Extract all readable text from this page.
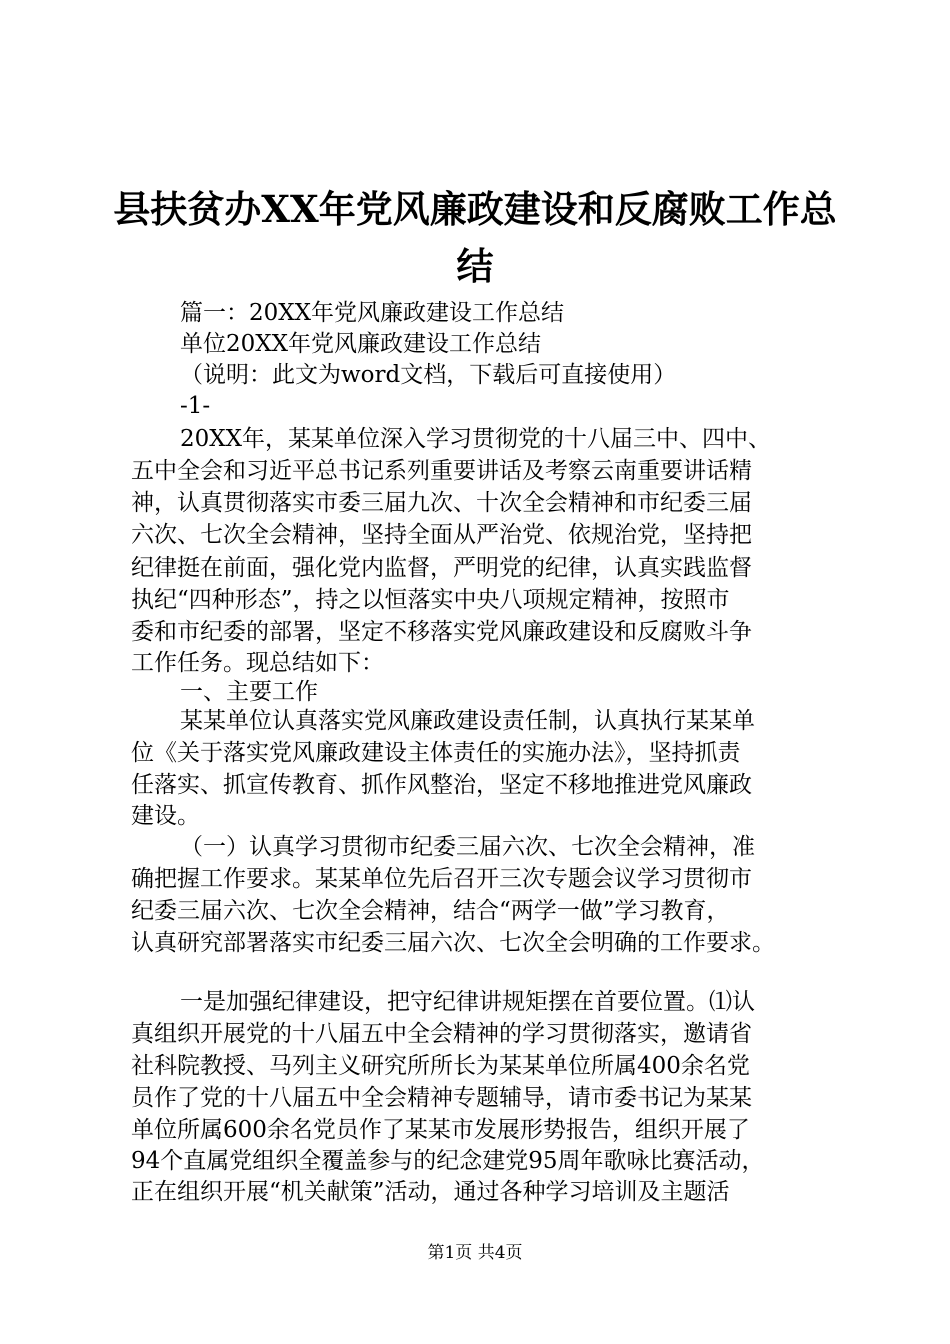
县扶贫办XX年党风廉政建设和反腐败工作总
结

篇一：20XX年党风廉政建设工作总结

单位20XX年党风廉政建设工作总结

（说明：此文为word文档，下载后可直接使用）

-1-

20XX年，某某单位深入学习贯彻党的十八届三中、四中、

五中全会和习近平总书记系列重要讲话及考察云南重要讲话精

神，认真贯彻落实市委三届九次、十次全会精神和市纪委三届

六次、七次全会精神，坚持全面从严治党、依规治党，坚持把

纪律挺在前面，强化党内监督，严明党的纪律，认真实践监督

执纪“四种形态”，持之以恒落实中央八项规定精神，按照市

委和市纪委的部署，坚定不移落实党风廉政建设和反腐败斗争

工作任务。现总结如下：

一、主要工作

某某单位认真落实党风廉政建设责任制，认真执行某某单

位《关于落实党风廉政建设主体责任的实施办法》，坚持抓责

任落实、抓宣传教育、抓作风整治，坚定不移地推进党风廉政

建设。

（一）认真学习贯彻市纪委三届六次、七次全会精神，准

确把握工作要求。某某单位先后召开三次专题会议学习贯彻市

纪委三届六次、七次全会精神，结合“两学一做”学习教育，

认真研究部署落实市纪委三届六次、七次全会明确的工作要求。

一是加强纪律建设，把守纪律讲规矩摆在首要位置。⑴认

真组织开展党的十八届五中全会精神的学习贯彻落实，邀请省

社科院教授、马列主义研究所所长为某某单位所属400余名党

员作了党的十八届五中全会精神专题辅导，请市委书记为某某

单位所属600余名党员作了某某市发展形势报告，组织开展了

94个直属党组织全覆盖参与的纪念建党95周年歌咏比赛活动，

正在组织开展“机关献策”活动，通过各种学习培训及主题活

第1页 共4页
